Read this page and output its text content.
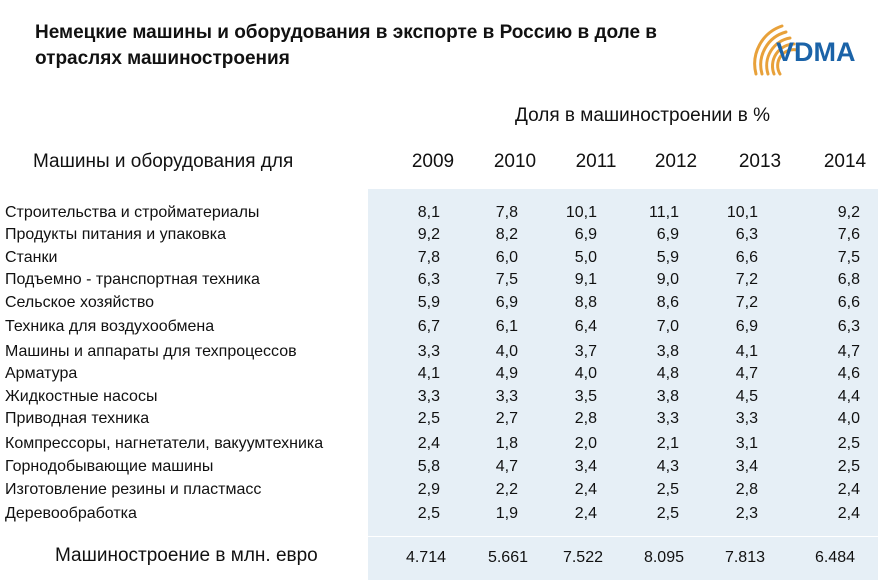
Немецкие машины и оборудования в экспорте в Россию в доле в отраслях машиностроения	VDMA
Доля в машиностроении в %
Машины и оборудования для	2009	2010	2011	2012	2013	2014
Строительства и стройматериалы	8,1	7,8	10,1	11,1	10,1	9,2
Продукты питания и упаковка	9,2	8,2	6,9	6,9	6,3	7,6
Станки	7,8	6,0	5,0	5,9	6,6	7,5
Подъемно - транспортная техника	6,3	7,5	9,1	9,0	7,2	6,8
Сельское хозяйство	5,9	6,9	8,8	8,6	7,2	6,6
Техника для воздухообмена	6,7	6,1	6,4	7,0	6,9	6,3
Машины и аппараты для техпроцессов	3,3	4,0	3,7	3,8	4,1	4,7
Арматура	4,1	4,9	4,0	4,8	4,7	4,6
Жидкостные насосы	3,3	3,3	3,5	3,8	4,5	4,4
Приводная техника	2,5	2,7	2,8	3,3	3,3	4,0
Компрессоры, нагнетатели, вакуумтехника	2,4	1,8	2,0	2,1	3,1	2,5
Горнодобывающие машины	5,8	4,7	3,4	4,3	3,4	2,5
Изготовление резины и пластмасс	2,9	2,2	2,4	2,5	2,8	2,4
Деревообработка	2,5	1,9	2,4	2,5	2,3	2,4
Машиностроение в млн. евро	4.714	5.661	7.522	8.095	7.813	6.484
